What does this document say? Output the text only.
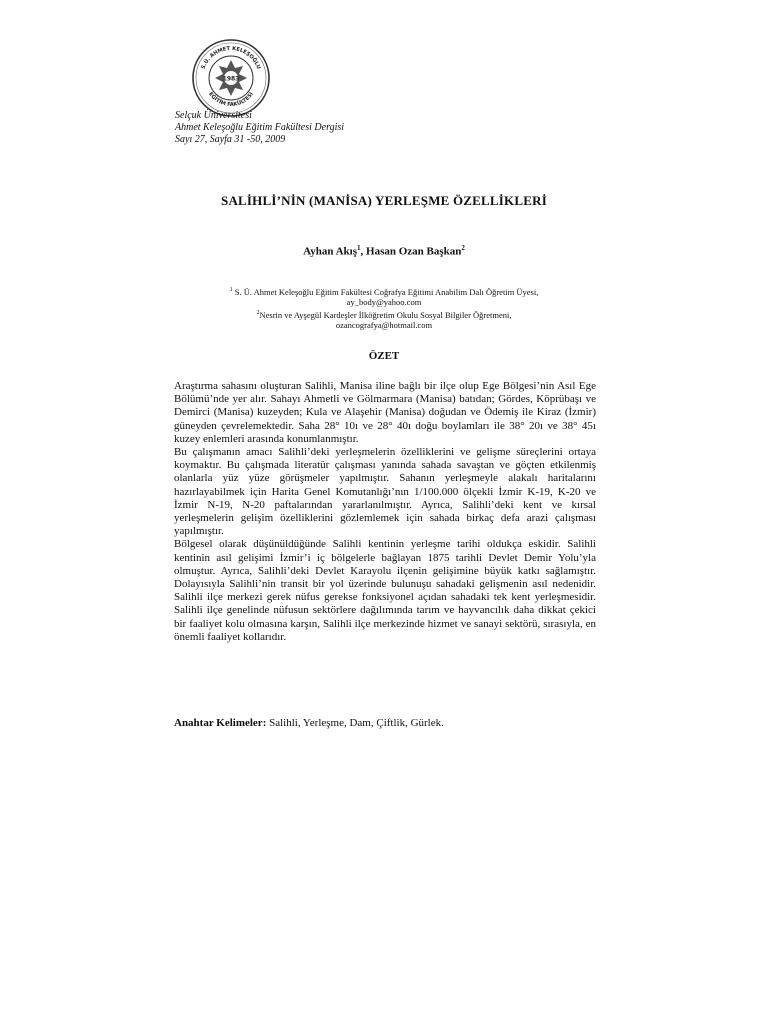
S.Ü. AHMET KELEŞOĞLU
EĞİTİM FAKÜLTESİ
1983
Selçuk Üniversitesi
Ahmet Keleşoğlu Eğitim Fakültesi Dergisi
Sayı 27, Sayfa 31 -50, 2009
SALİHLİ’NİN (MANİSA) YERLEŞME ÖZELLİKLERİ
Ayhan Akış$^1$, Hasan Ozan Başkan$^2$
$^1$ S. Ü. Ahmet Keleşoğlu Eğitim Fakültesi Coğrafya Eğitimi Anabilim Dalı Öğretim Üyesi,
ay_body@yahoo.com
$^2$Nesrin ve Ayşegül Kardeşler İlköğretim Okulu Sosyal Bilgiler Öğretmeni,
ozancografya@hotmail.com
ÖZET

Araştırma sahasını oluşturan Salihli, Manisa iline bağlı bir ilçe olup Ege Bölgesi’nin Asıl Ege Bölümü’nde yer alır. Sahayı Ahmetli ve Gölmarmara (Manisa) batıdan; Gördes, Köprübaşı ve Demirci (Manisa) kuzeyden; Kula ve Alaşehir (Manisa) doğudan ve Ödemiş ile Kiraz (İzmir) güneyden çevrelemektedir. Saha 28° 10ı ve 28° 40ı doğu boylamları ile 38° 20ı ve 38° 45ı kuzey enlemleri arasında konumlanmıştır.

Bu çalışmanın amacı Salihli’deki yerleşmelerin özelliklerini ve gelişme süreçlerini ortaya koymaktır. Bu çalışmada literatür çalışması yanında sahada savaştan ve göçten etkilenmiş olanlarla yüz yüze görüşmeler yapılmıştır. Sahanın yerleşmeyle alakalı haritalarını hazırlayabilmek için Harita Genel Komutanlığı’nın 1/100.000 ölçekli İzmir K-19, K-20 ve İzmir N-19, N-20 paftalarından yararlanılmıştır. Ayrıca, Salihli’deki kent ve kırsal yerleşmelerin gelişim özelliklerini gözlemlemek için sahada birkaç defa arazi çalışması yapılmıştır.

Bölgesel olarak düşünüldüğünde Salihli kentinin yerleşme tarihi oldukça eskidir. Salihli kentinin asıl gelişimi İzmir’i iç bölgelerle bağlayan 1875 tarihli Devlet Demir Yolu’yla olmuştur. Ayrıca, Salihli’deki Devlet Karayolu ilçenin gelişimine büyük katkı sağlamıştır. Dolayısıyla Salihli’nin transit bir yol üzerinde bulunuşu sahadaki gelişmenin asıl nedenidir. Salihli ilçe merkezi gerek nüfus gerekse fonksiyonel açıdan sahadaki tek kent yerleşmesidir. Salihli ilçe genelinde nüfusun sektörlere dağılımında tarım ve hayvancılık daha dikkat çekici bir faaliyet kolu olmasına karşın, Salihli ilçe merkezinde hizmet ve sanayi sektörü, sırasıyla, en önemli faaliyet kollarıdır.

Anahtar Kelimeler: Salihli, Yerleşme, Dam, Çiftlik, Gürlek.
